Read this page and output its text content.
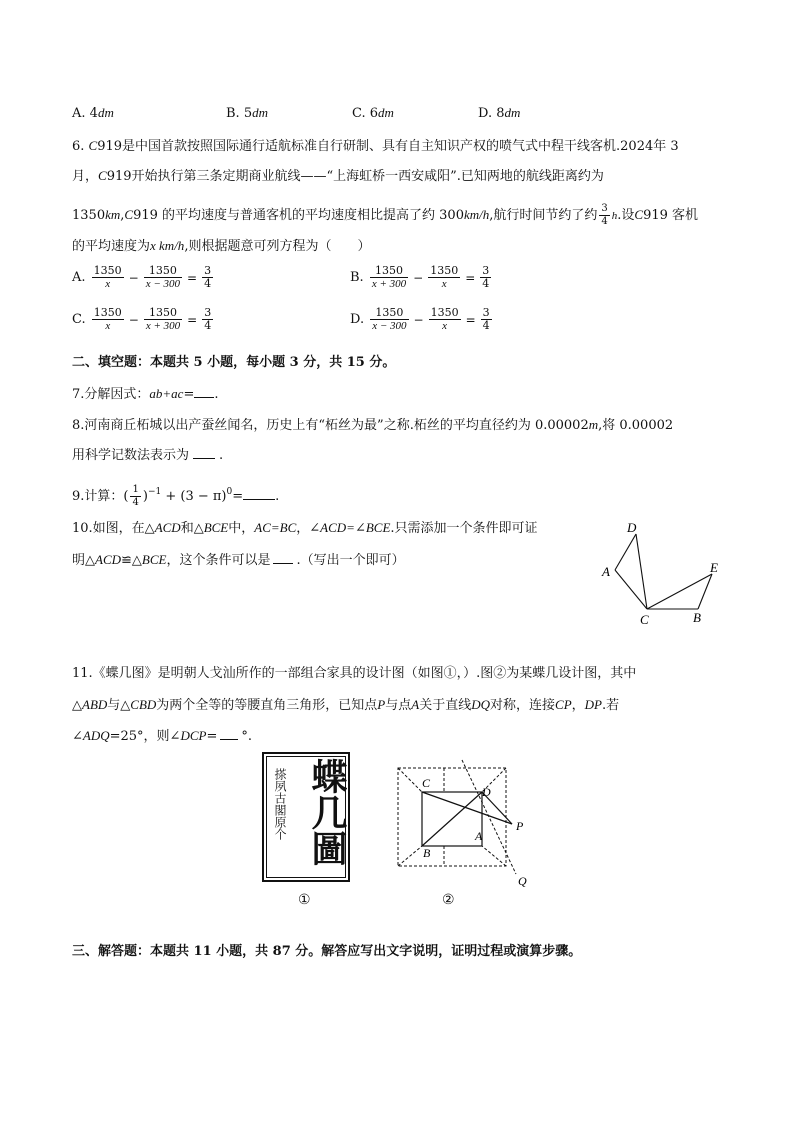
A. 4dm	B. 5dm	C. 6dm	D. 8dm
6. C919是中国首款按照国际通行适航标准自行研制、具有自主知识产权的喷气式中程干线客机.2024年 3
月，C919开始执行第三条定期商业航线——“上海虹桥一西安咸阳”.已知两地的航线距离约为
1350km,C919 的平均速度与普通客机的平均速度相比提高了约 300km/h,航行时间节约了约 $\frac{3}{4} h$.设C919 客机
的平均速度为x km/h,则根据题意可列方程为（　　）
A. $\frac{1350}{x} - \frac{1350}{x - 300} = \frac{3}{4}$	B. $\frac{1350}{x + 300} - \frac{1350}{x} = \frac{3}{4}$
C. $\frac{1350}{x} - \frac{1350}{x + 300} = \frac{3}{4}$	D. $\frac{1350}{x - 300} - \frac{1350}{x} = \frac{3}{4}$
二、填空题：本题共 5 小题，每小题 3 分，共 15 分。
7.分解因式：ab+ac= .
8.河南商丘柘城以出产蚕丝闻名，历史上有“柘丝为最”之称.柘丝的平均直径约为 0.00002m,将 0.00002
用科学记数法表示为 .
9.计算：( $\frac{1}{4} )^{-1} + (3 - \pi)^0=$ .
10.如图，在△ACD和△BCE中，AC=BC，∠ACD=∠BCE.只需添加一个条件即可证
明△ACD≌△BCE，这个条件可以是 .（写出一个即可）
D
A	E
C	B
11.《蝶几图》是明朝人戈汕所作的一部组合家具的设计图（如图①，）.图②为某蝶几设计图，其中
△ABD与△CBD为两个全等的等腰直角三角形，已知点P与点A关于直线DQ对称，连接CP，DP.若
∠ADQ=25°，则∠DCP= °.
搽夙古閣原个 蝶几圖
①
C
D
P
A
B
Q
②
三、解答题：本题共 11 小题，共 87 分。解答应写出文字说明，证明过程或演算步骤。
